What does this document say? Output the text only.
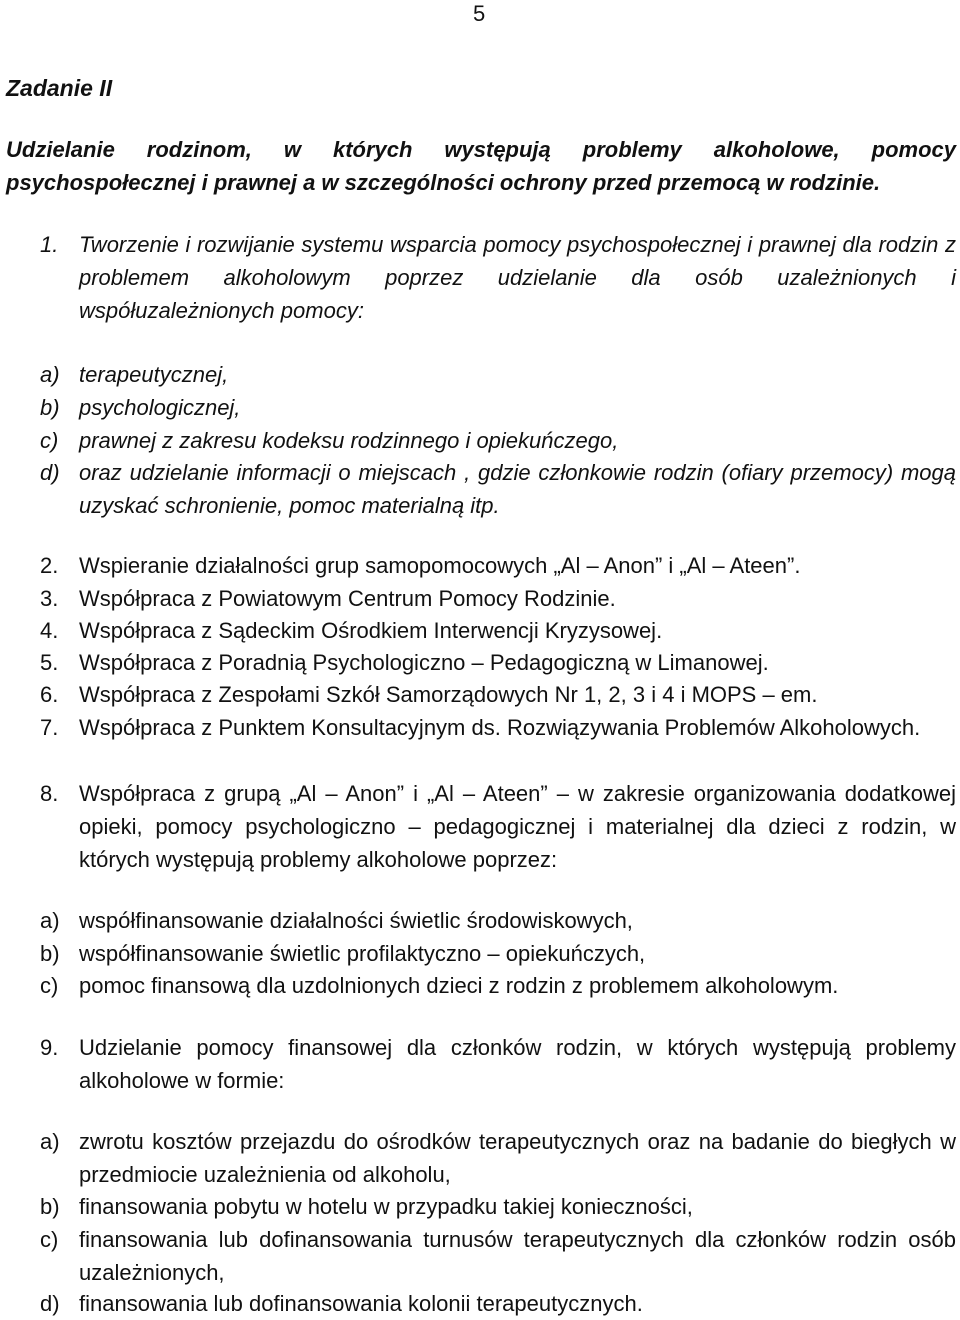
5
Zadanie II
Udzielanie rodzinom, w których występują problemy alkoholowe, pomocy psychospołecznej i prawnej a w szczególności ochrony przed przemocą w rodzinie.
1. Tworzenie i rozwijanie systemu wsparcia pomocy psychospołecznej i prawnej dla rodzin z problemem alkoholowym poprzez udzielanie dla osób uzależnionych i współuzależnionych pomocy:
a) terapeutycznej,
b) psychologicznej,
c) prawnej z zakresu kodeksu rodzinnego i opiekuńczego,
d) oraz udzielanie informacji o miejscach , gdzie członkowie rodzin (ofiary przemocy) mogą uzyskać schronienie, pomoc materialną itp.
2. Wspieranie działalności grup samopomocowych „Al – Anon” i „Al – Ateen”.
3. Współpraca z Powiatowym Centrum Pomocy Rodzinie.
4. Współpraca z Sądeckim Ośrodkiem Interwencji Kryzysowej.
5. Współpraca z Poradnią Psychologiczno – Pedagogiczną w Limanowej.
6. Współpraca z Zespołami Szkół Samorządowych Nr 1, 2, 3 i 4 i MOPS – em.
7. Współpraca z Punktem Konsultacyjnym ds. Rozwiązywania Problemów Alkoholowych.
8. Współpraca z grupą „Al – Anon” i „Al – Ateen” – w zakresie organizowania dodatkowej opieki, pomocy psychologiczno – pedagogicznej i materialnej dla dzieci z rodzin, w których występują problemy alkoholowe poprzez:
a) współfinansowanie działalności świetlic środowiskowych,
b) współfinansowanie świetlic profilaktyczno – opiekuńczych,
c) pomoc finansową dla uzdolnionych dzieci z rodzin z problemem alkoholowym.
9. Udzielanie pomocy finansowej dla członków rodzin, w których występują problemy alkoholowe w formie:
a) zwrotu kosztów przejazdu do ośrodków terapeutycznych oraz na badanie do biegłych w przedmiocie uzależnienia od alkoholu,
b) finansowania pobytu w hotelu w przypadku takiej konieczności,
c) finansowania lub dofinansowania turnusów terapeutycznych dla członków rodzin osób uzależnionych,
d) finansowania lub dofinansowania kolonii terapeutycznych.
